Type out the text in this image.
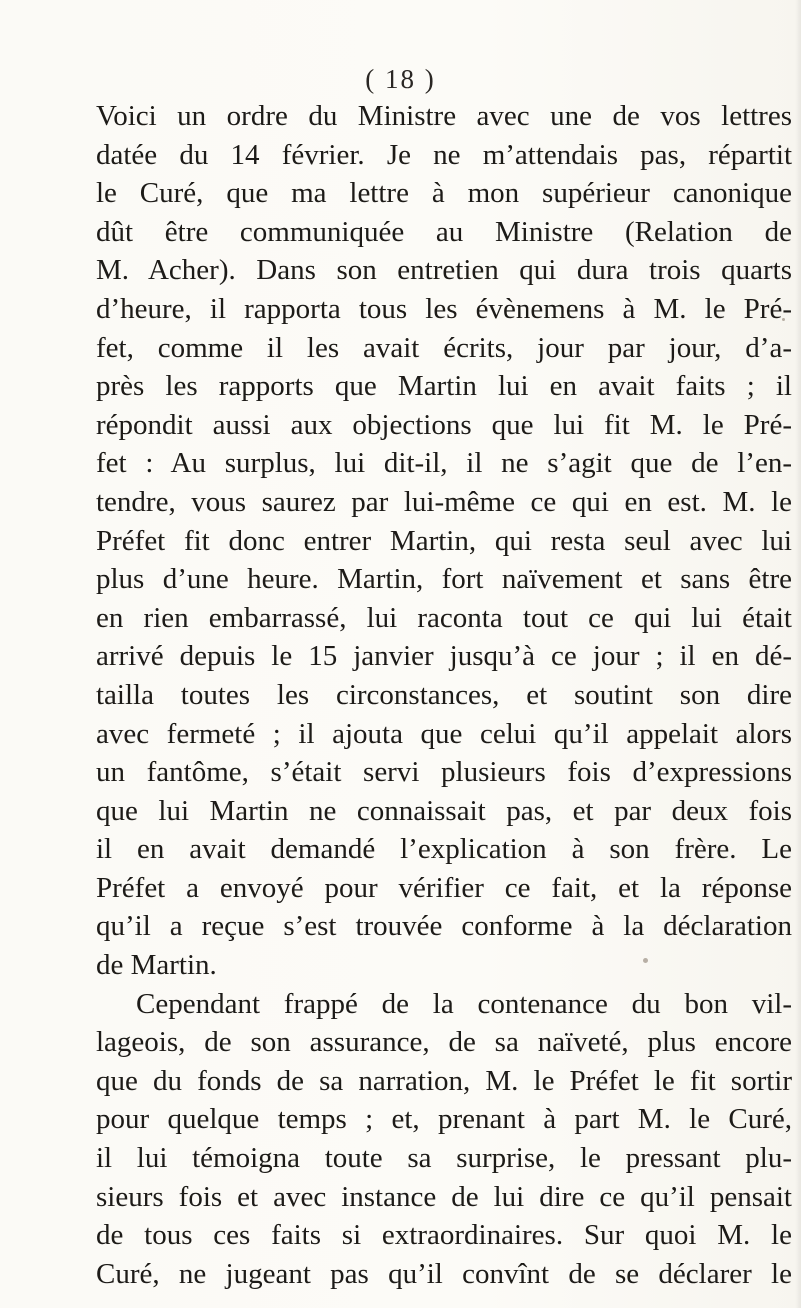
( 18 )
Voici un ordre du Ministre avec une de vos lettres
datée du 14 février. Je ne m’attendais pas, répartit
le Curé, que ma lettre à mon supérieur canonique
dût être communiquée au Ministre (Relation de
M. Acher). Dans son entretien qui dura trois quarts
d’heure, il rapporta tous les évènemens à M. le Pré-
fet, comme il les avait écrits, jour par jour, d’a-
près les rapports que Martin lui en avait faits ; il
répondit aussi aux objections que lui fit M. le Pré-
fet : Au surplus, lui dit-il, il ne s’agit que de l’en-
tendre, vous saurez par lui-même ce qui en est. M. le
Préfet fit donc entrer Martin, qui resta seul avec lui
plus d’une heure. Martin, fort naïvement et sans être
en rien embarrassé, lui raconta tout ce qui lui était
arrivé depuis le 15 janvier jusqu’à ce jour ; il en dé-
tailla toutes les circonstances, et soutint son dire
avec fermeté ; il ajouta que celui qu’il appelait alors
un fantôme, s’était servi plusieurs fois d’expressions
que lui Martin ne connaissait pas, et par deux fois
il en avait demandé l’explication à son frère. Le
Préfet a envoyé pour vérifier ce fait, et la réponse
qu’il a reçue s’est trouvée conforme à la déclaration
de Martin.
Cependant frappé de la contenance du bon vil-
lageois, de son assurance, de sa naïveté, plus encore
que du fonds de sa narration, M. le Préfet le fit sortir
pour quelque temps ; et, prenant à part M. le Curé,
il lui témoigna toute sa surprise, le pressant plu-
sieurs fois et avec instance de lui dire ce qu’il pensait
de tous ces faits si extraordinaires. Sur quoi M. le
Curé, ne jugeant pas qu’il convînt de se déclarer le
